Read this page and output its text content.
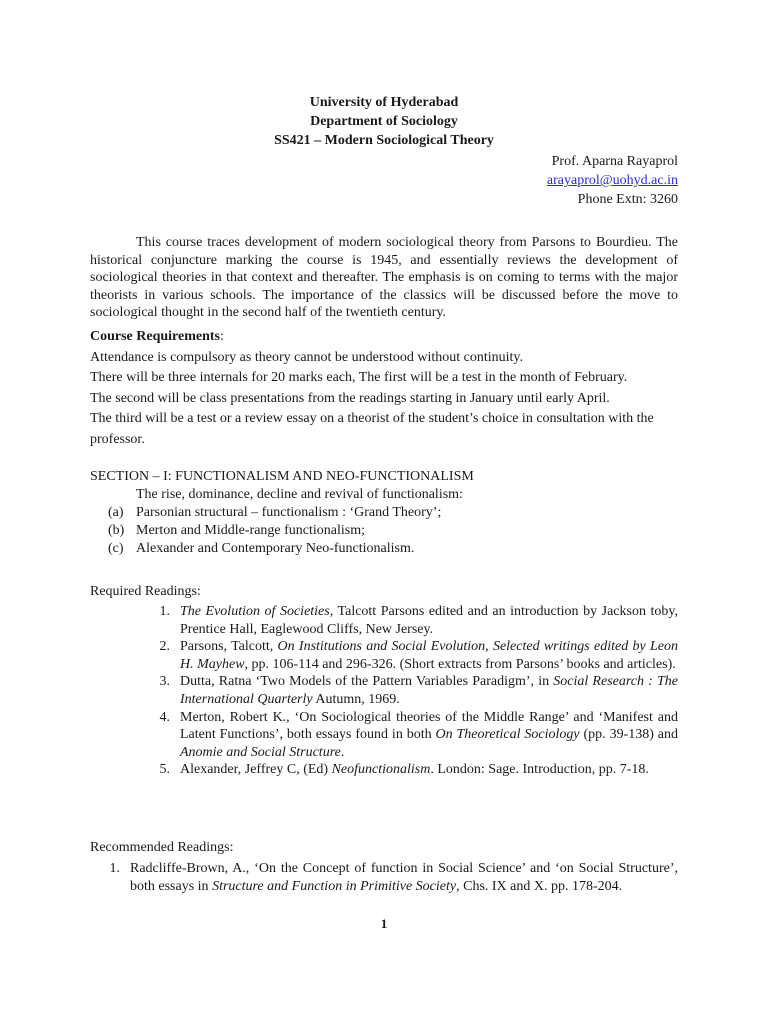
University of Hyderabad
Department of Sociology
SS421 – Modern Sociological Theory
Prof. Aparna Rayaprol
arayaprol@uohyd.ac.in
Phone Extn: 3260
This course traces development of modern sociological theory from Parsons to Bourdieu. The historical conjuncture marking the course is 1945, and essentially reviews the development of sociological theories in that context and thereafter. The emphasis is on coming to terms with the major theorists in various schools. The importance of the classics will be discussed before the move to sociological thought in the second half of the twentieth century.
Course Requirements:
Attendance is compulsory as theory cannot be understood without continuity.
There will be three internals for 20 marks each, The first will be a test in the month of February.
The second will be class presentations from the readings starting in January until early April.
The third will be a test or a review essay on a theorist of the student’s choice in consultation with the professor.
SECTION – I: FUNCTIONALISM AND NEO-FUNCTIONALISM
The rise, dominance, decline and revival of functionalism:
(a) Parsonian structural – functionalism : ‘Grand Theory’;
(b) Merton and Middle-range functionalism;
(c) Alexander and Contemporary Neo-functionalism.
Required Readings:
1. The Evolution of Societies, Talcott Parsons edited and an introduction by Jackson toby, Prentice Hall, Eaglewood Cliffs, New Jersey.
2. Parsons, Talcott, On Institutions and Social Evolution, Selected writings edited by Leon H. Mayhew, pp. 106-114 and 296-326. (Short extracts from Parsons’ books and articles).
3. Dutta, Ratna ‘Two Models of the Pattern Variables Paradigm’, in Social Research : The International Quarterly Autumn, 1969.
4. Merton, Robert K., ‘On Sociological theories of the Middle Range’ and ‘Manifest and Latent Functions’, both essays found in both On Theoretical Sociology (pp. 39-138) and Anomie and Social Structure.
5. Alexander, Jeffrey C, (Ed) Neofunctionalism. London: Sage. Introduction, pp. 7-18.
Recommended Readings:
1. Radcliffe-Brown, A., ‘On the Concept of function in Social Science’ and ‘on Social Structure’, both essays in Structure and Function in Primitive Society, Chs. IX and X. pp. 178-204.
1
